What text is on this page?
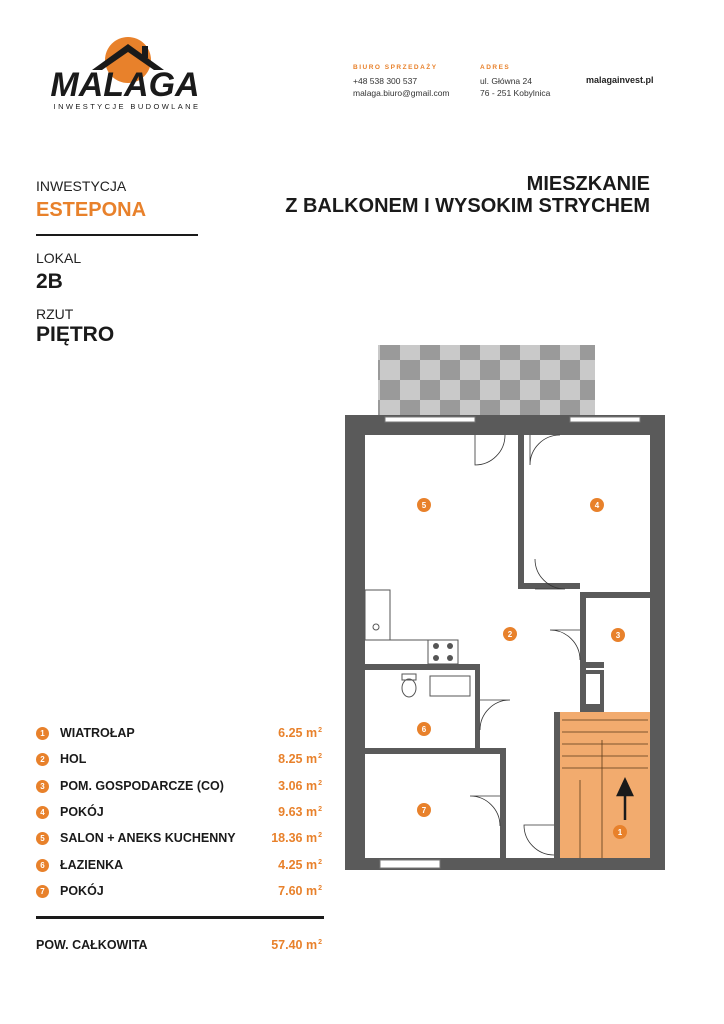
MALAGA
INWESTYCJE BUDOWLANE
BIURO SPRZEDAŻY
+48 538 300 537
malaga.biuro@gmail.com
ADRES
ul. Główna 24
76 - 251 Kobylnica
malagainvest.pl
INWESTYCJA
ESTEPONA
LOKAL
2B
RZUT
PIĘTRO
MIESZKANIE
Z BALKONEM I WYSOKIM STRYCHEM
5	4
2	3
6
7
1
1	WIATROŁAP	6.25 $m^2$
2	HOL	8.25 $m^2$
3	POM. GOSPODARCZE (CO)	3.06 $m^2$
4	POKÓJ	9.63 $m^2$
5	SALON + ANEKS KUCHENNY	18.36 $m^2$
6	ŁAZIENKA	4.25 $m^2$
7	POKÓJ	7.60 $m^2$
POW. CAŁKOWITA	57.40 $m^2$
